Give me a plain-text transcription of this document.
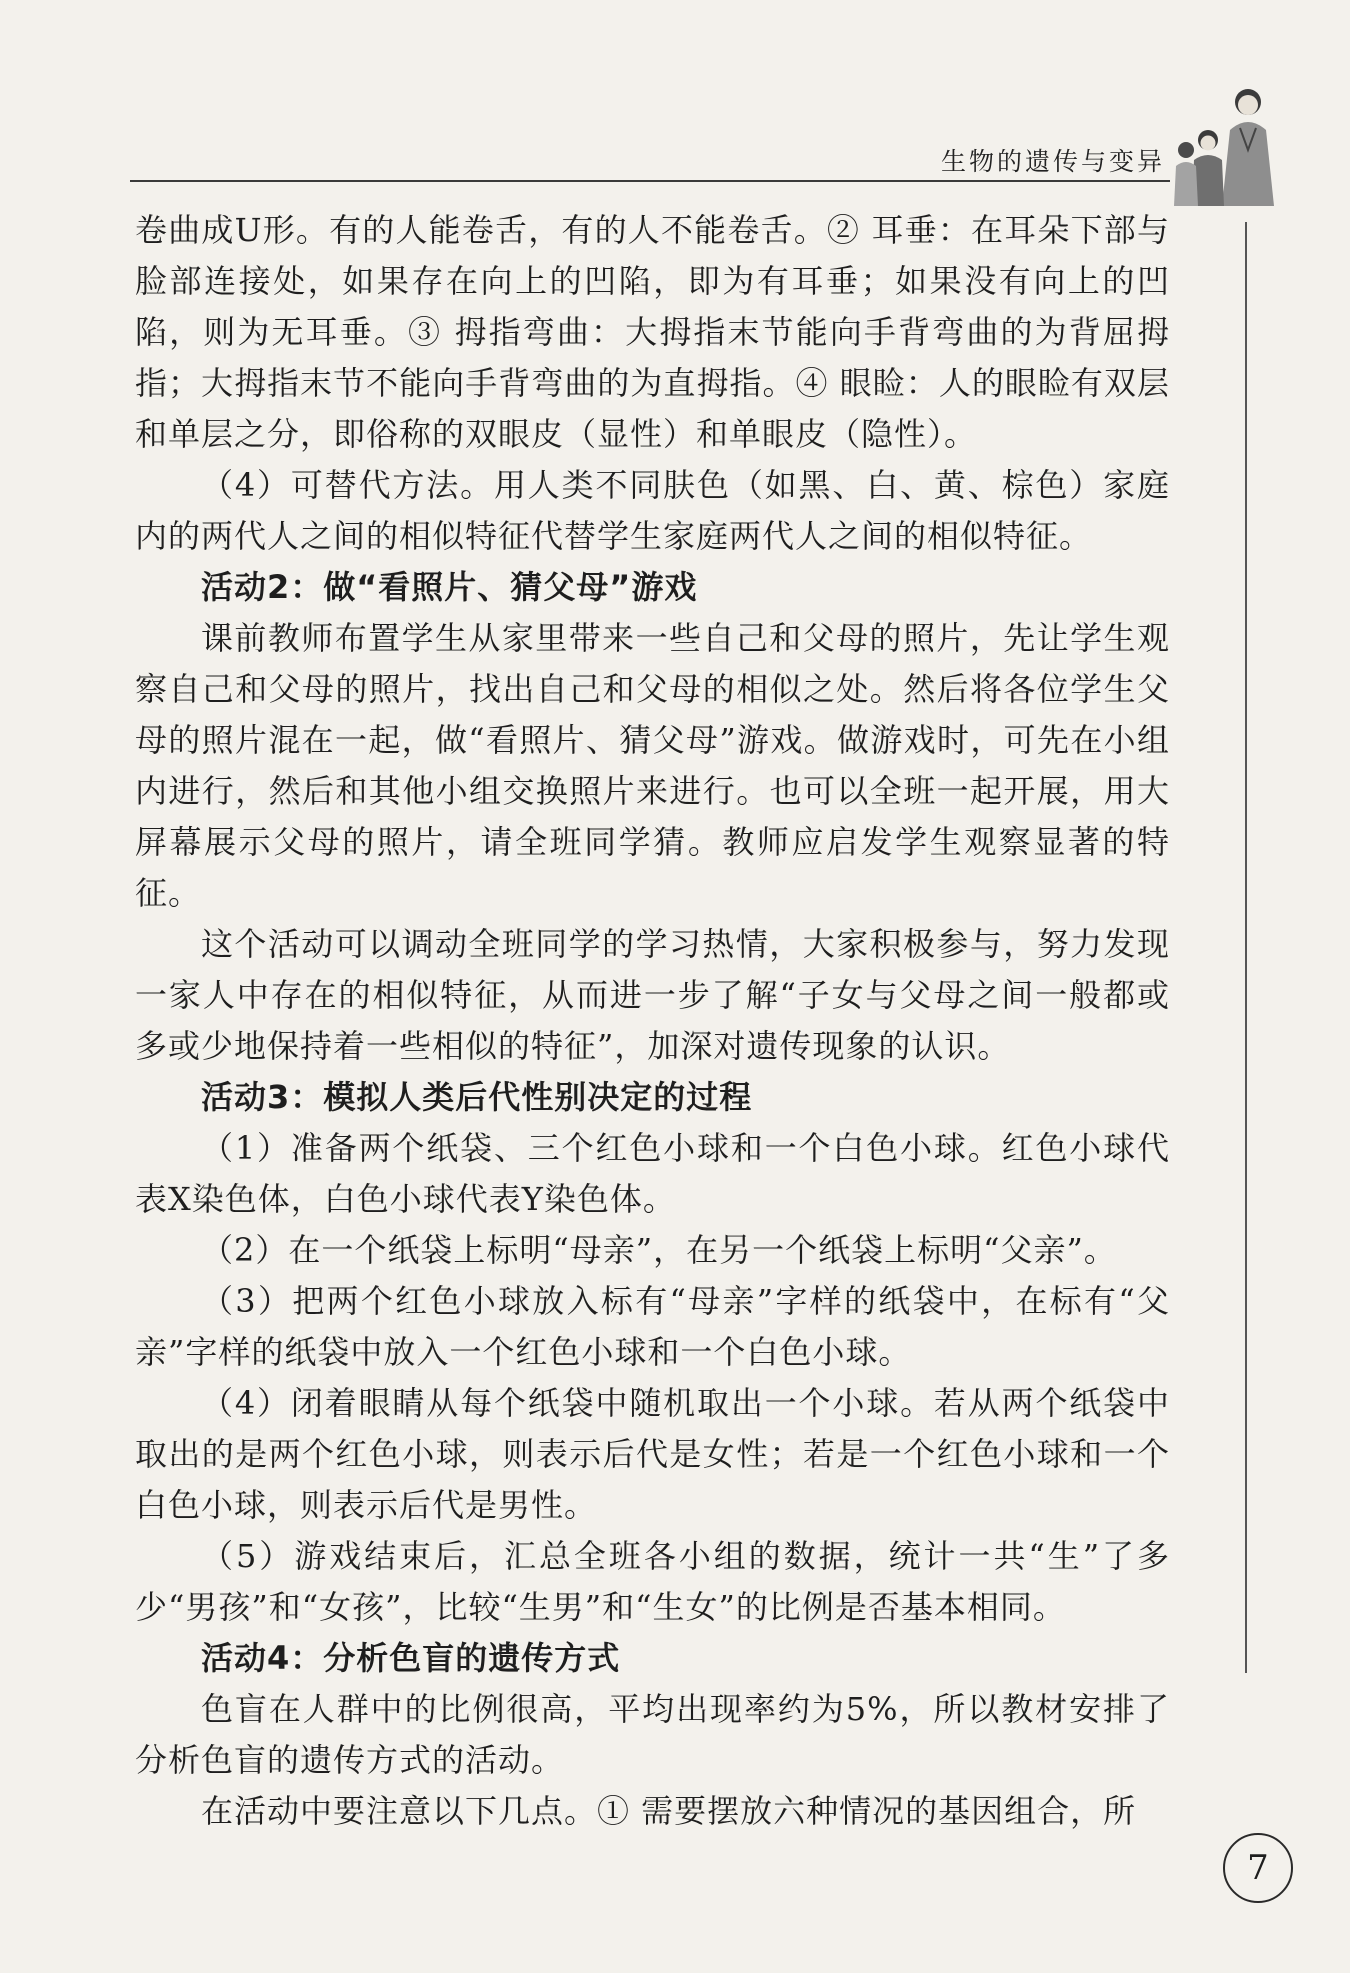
生物的遗传与变异

卷曲成U形。有的人能卷舌，有的人不能卷舌。② 耳垂：在耳朵下部与脸部连接处，如果存在向上的凹陷，即为有耳垂；如果没有向上的凹陷，则为无耳垂。③ 拇指弯曲：大拇指末节能向手背弯曲的为背屈拇指；大拇指末节不能向手背弯曲的为直拇指。④ 眼睑：人的眼睑有双层和单层之分，即俗称的双眼皮（显性）和单眼皮（隐性）。

（4）可替代方法。用人类不同肤色（如黑、白、黄、棕色）家庭内的两代人之间的相似特征代替学生家庭两代人之间的相似特征。

活动2：做“看照片、猜父母”游戏

课前教师布置学生从家里带来一些自己和父母的照片，先让学生观察自己和父母的照片，找出自己和父母的相似之处。然后将各位学生父母的照片混在一起，做“看照片、猜父母”游戏。做游戏时，可先在小组内进行，然后和其他小组交换照片来进行。也可以全班一起开展，用大屏幕展示父母的照片，请全班同学猜。教师应启发学生观察显著的特征。

这个活动可以调动全班同学的学习热情，大家积极参与，努力发现一家人中存在的相似特征，从而进一步了解“子女与父母之间一般都或多或少地保持着一些相似的特征”，加深对遗传现象的认识。

活动3：模拟人类后代性别决定的过程

（1）准备两个纸袋、三个红色小球和一个白色小球。红色小球代表X染色体，白色小球代表Y染色体。

（2）在一个纸袋上标明“母亲”，在另一个纸袋上标明“父亲”。

（3）把两个红色小球放入标有“母亲”字样的纸袋中，在标有“父亲”字样的纸袋中放入一个红色小球和一个白色小球。

（4）闭着眼睛从每个纸袋中随机取出一个小球。若从两个纸袋中取出的是两个红色小球，则表示后代是女性；若是一个红色小球和一个白色小球，则表示后代是男性。

（5）游戏结束后，汇总全班各小组的数据，统计一共“生”了多少“男孩”和“女孩”，比较“生男”和“生女”的比例是否基本相同。

活动4：分析色盲的遗传方式

色盲在人群中的比例很高，平均出现率约为5%，所以教材安排了分析色盲的遗传方式的活动。

在活动中要注意以下几点。① 需要摆放六种情况的基因组合，所

7
